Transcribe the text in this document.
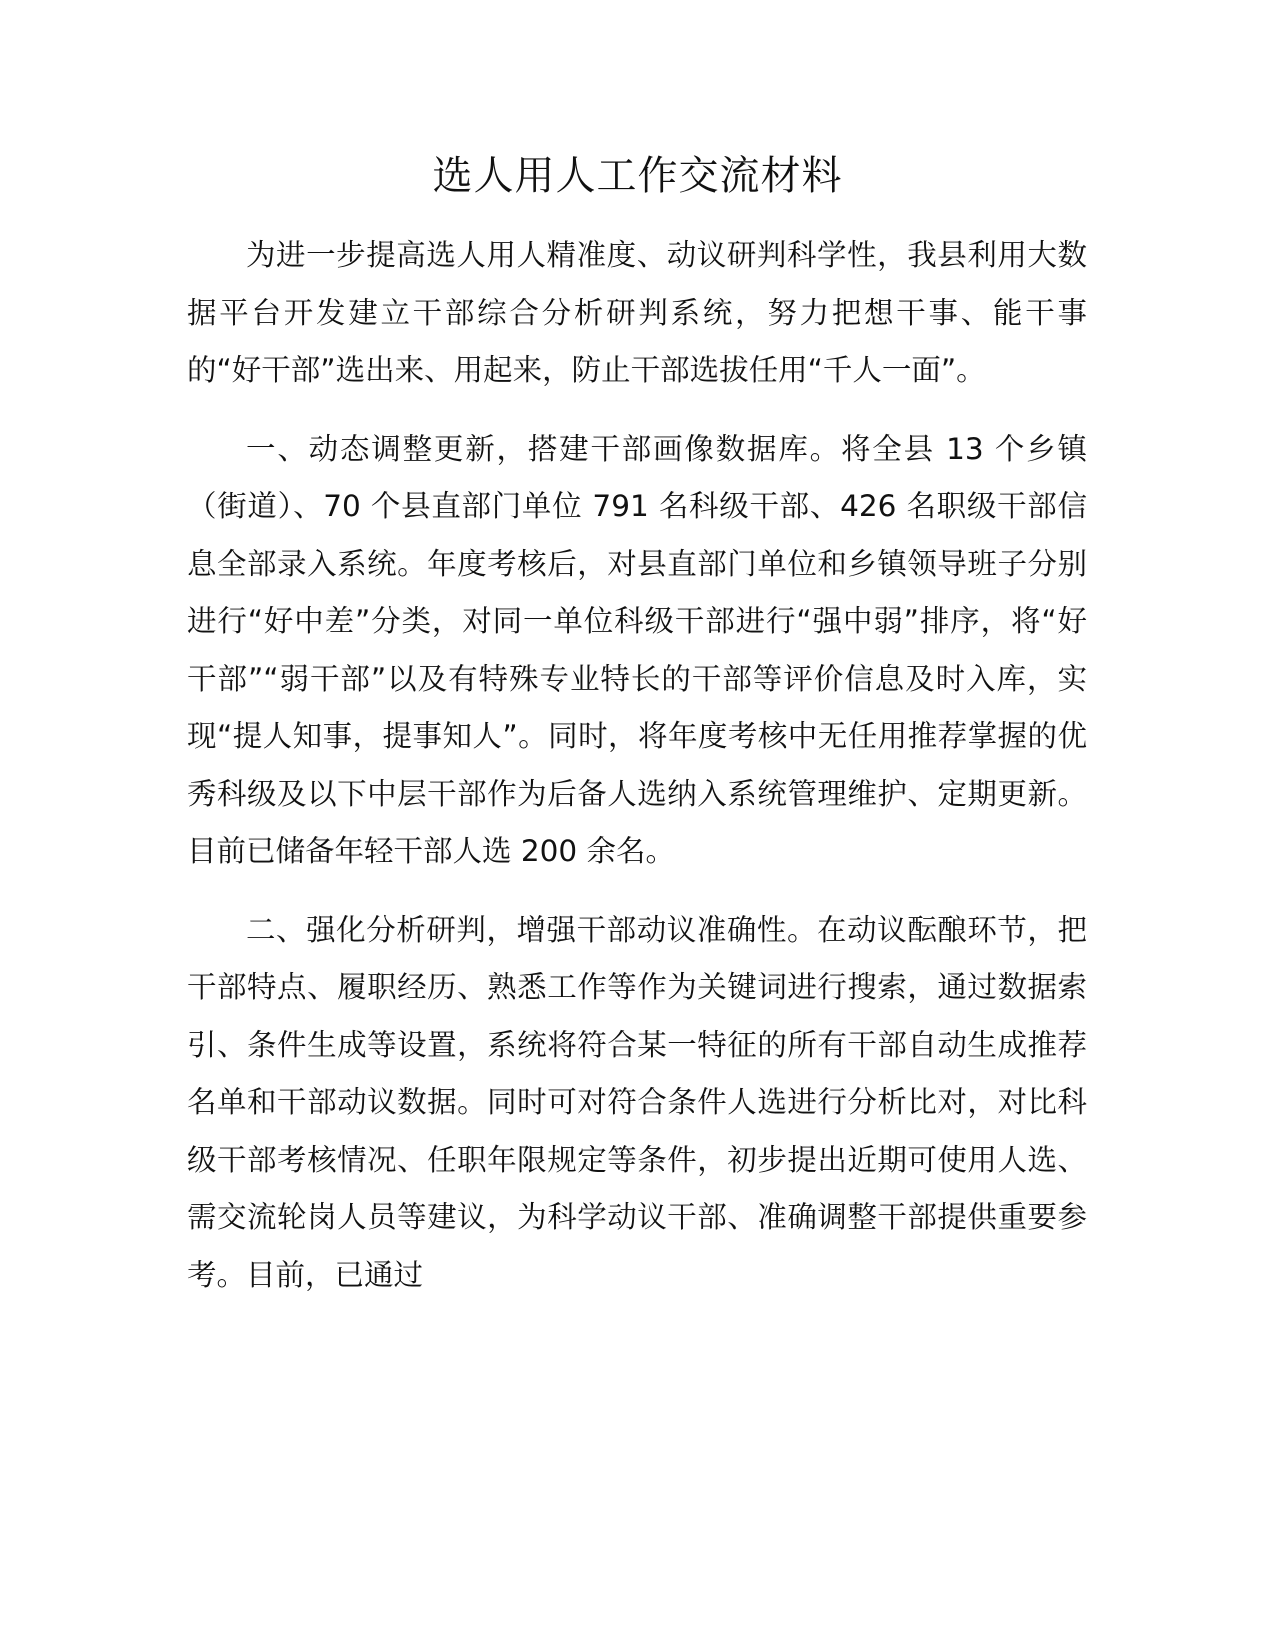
选人用人工作交流材料

为进一步提高选人用人精准度、动议研判科学性，我县利用大数据平台开发建立干部综合分析研判系统，努力把想干事、能干事的“好干部”选出来、用起来，防止干部选拔任用“千人一面”。

一、动态调整更新，搭建干部画像数据库。将全县 13 个乡镇（街道）、70 个县直部门单位 791 名科级干部、426 名职级干部信息全部录入系统。年度考核后，对县直部门单位和乡镇领导班子分别进行“好中差”分类，对同一单位科级干部进行“强中弱”排序，将“好干部”“弱干部”以及有特殊专业特长的干部等评价信息及时入库，实现“提人知事，提事知人”。同时，将年度考核中无任用推荐掌握的优秀科级及以下中层干部作为后备人选纳入系统管理维护、定期更新。目前已储备年轻干部人选 200 余名。

二、强化分析研判，增强干部动议准确性。在动议酝酿环节，把干部特点、履职经历、熟悉工作等作为关键词进行搜索，通过数据索引、条件生成等设置，系统将符合某一特征的所有干部自动生成推荐名单和干部动议数据。同时可对符合条件人选进行分析比对，对比科级干部考核情况、任职年限规定等条件，初步提出近期可使用人选、需交流轮岗人员等建议，为科学动议干部、准确调整干部提供重要参考。目前，已通过
